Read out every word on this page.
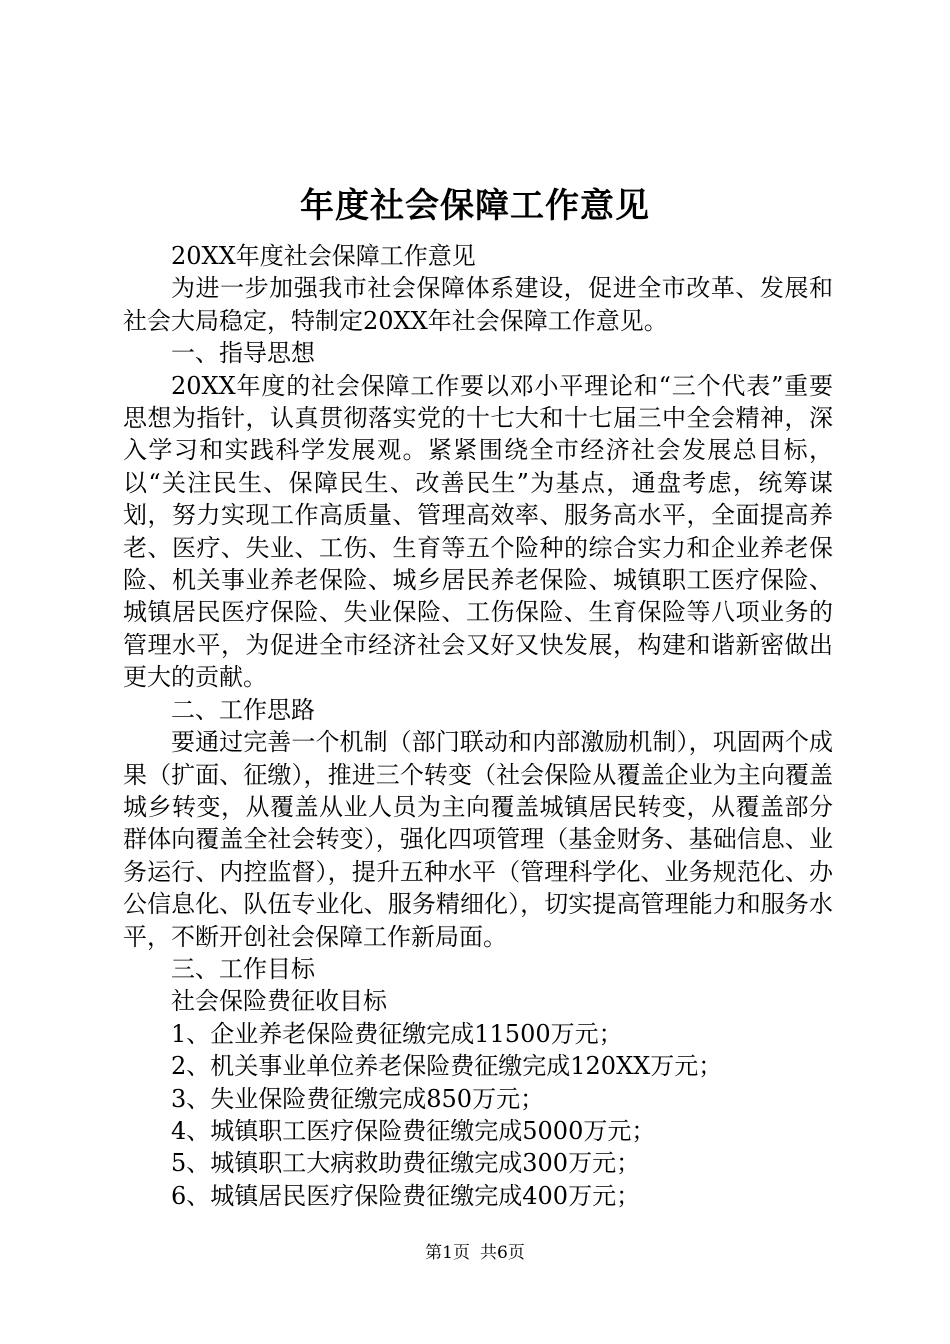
年度社会保障工作意见

20XX年度社会保障工作意见

为进一步加强我市社会保障体系建设，促进全市改革、发展和社会大局稳定，特制定20XX年社会保障工作意见。

一、指导思想

20XX年度的社会保障工作要以邓小平理论和“三个代表”重要思想为指针，认真贯彻落实党的十七大和十七届三中全会精神，深入学习和实践科学发展观。紧紧围绕全市经济社会发展总目标，以“关注民生、保障民生、改善民生”为基点，通盘考虑，统筹谋划，努力实现工作高质量、管理高效率、服务高水平，全面提高养老、医疗、失业、工伤、生育等五个险种的综合实力和企业养老保险、机关事业养老保险、城乡居民养老保险、城镇职工医疗保险、城镇居民医疗保险、失业保险、工伤保险、生育保险等八项业务的管理水平，为促进全市经济社会又好又快发展，构建和谐新密做出更大的贡献。

二、工作思路

要通过完善一个机制（部门联动和内部激励机制），巩固两个成果（扩面、征缴），推进三个转变（社会保险从覆盖企业为主向覆盖城乡转变，从覆盖从业人员为主向覆盖城镇居民转变，从覆盖部分群体向覆盖全社会转变），强化四项管理（基金财务、基础信息、业务运行、内控监督），提升五种水平（管理科学化、业务规范化、办公信息化、队伍专业化、服务精细化），切实提高管理能力和服务水平，不断开创社会保障工作新局面。

三、工作目标

社会保险费征收目标

1、企业养老保险费征缴完成11500万元；

2、机关事业单位养老保险费征缴完成120XX万元；

3、失业保险费征缴完成850万元；

4、城镇职工医疗保险费征缴完成5000万元；

5、城镇职工大病救助费征缴完成300万元；

6、城镇居民医疗保险费征缴完成400万元；

第1页 共6页
